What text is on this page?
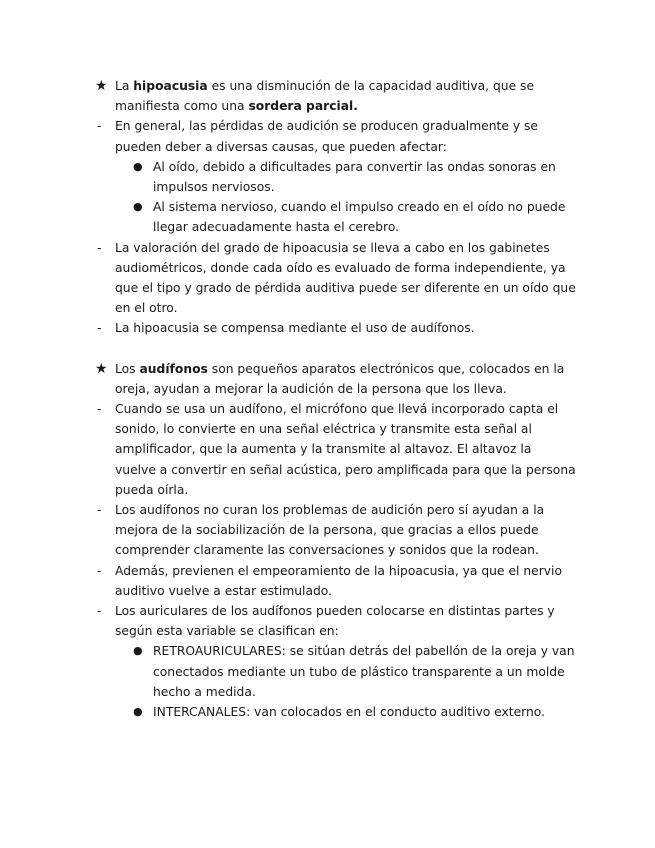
★ La hipoacusia es una disminución de la capacidad auditiva, que se manifiesta como una sordera parcial.
-	En general, las pérdidas de audición se producen gradualmente y se pueden deber a diversas causas, que pueden afectar:
● Al oído, debido a dificultades para convertir las ondas sonoras en impulsos nerviosos.
● Al sistema nervioso, cuando el impulso creado en el oído no puede llegar adecuadamente hasta el cerebro.
-	La valoración del grado de hipoacusia se lleva a cabo en los gabinetes audiométricos, donde cada oído es evaluado de forma independiente, ya que el tipo y grado de pérdida auditiva puede ser diferente en un oído que en el otro.
-	La hipoacusia se compensa mediante el uso de audífonos.
★ Los audífonos son pequeños aparatos electrónicos que, colocados en la oreja, ayudan a mejorar la audición de la persona que los lleva.
-	Cuando se usa un audífono, el micrófono que llevá incorporado capta el sonido, lo convierte en una señal eléctrica y transmite esta señal al amplificador, que la aumenta y la transmite al altavoz. El altavoz la vuelve a convertir en señal acústica, pero amplificada para que la persona pueda oírla.
-	Los audífonos no curan los problemas de audición pero sí ayudan a la mejora de la sociabilización de la persona, que gracias a ellos puede comprender claramente las conversaciones y sonidos que la rodean.
-	Además, previenen el empeoramiento de la hipoacusia, ya que el nervio auditivo vuelve a estar estimulado.
-	Los auriculares de los audífonos pueden colocarse en distintas partes y según esta variable se clasifican en:
● RETROAURICULARES: se sitúan detrás del pabellón de la oreja y van conectados mediante un tubo de plástico transparente a un molde hecho a medida.
● INTERCANALES: van colocados en el conducto auditivo externo.
